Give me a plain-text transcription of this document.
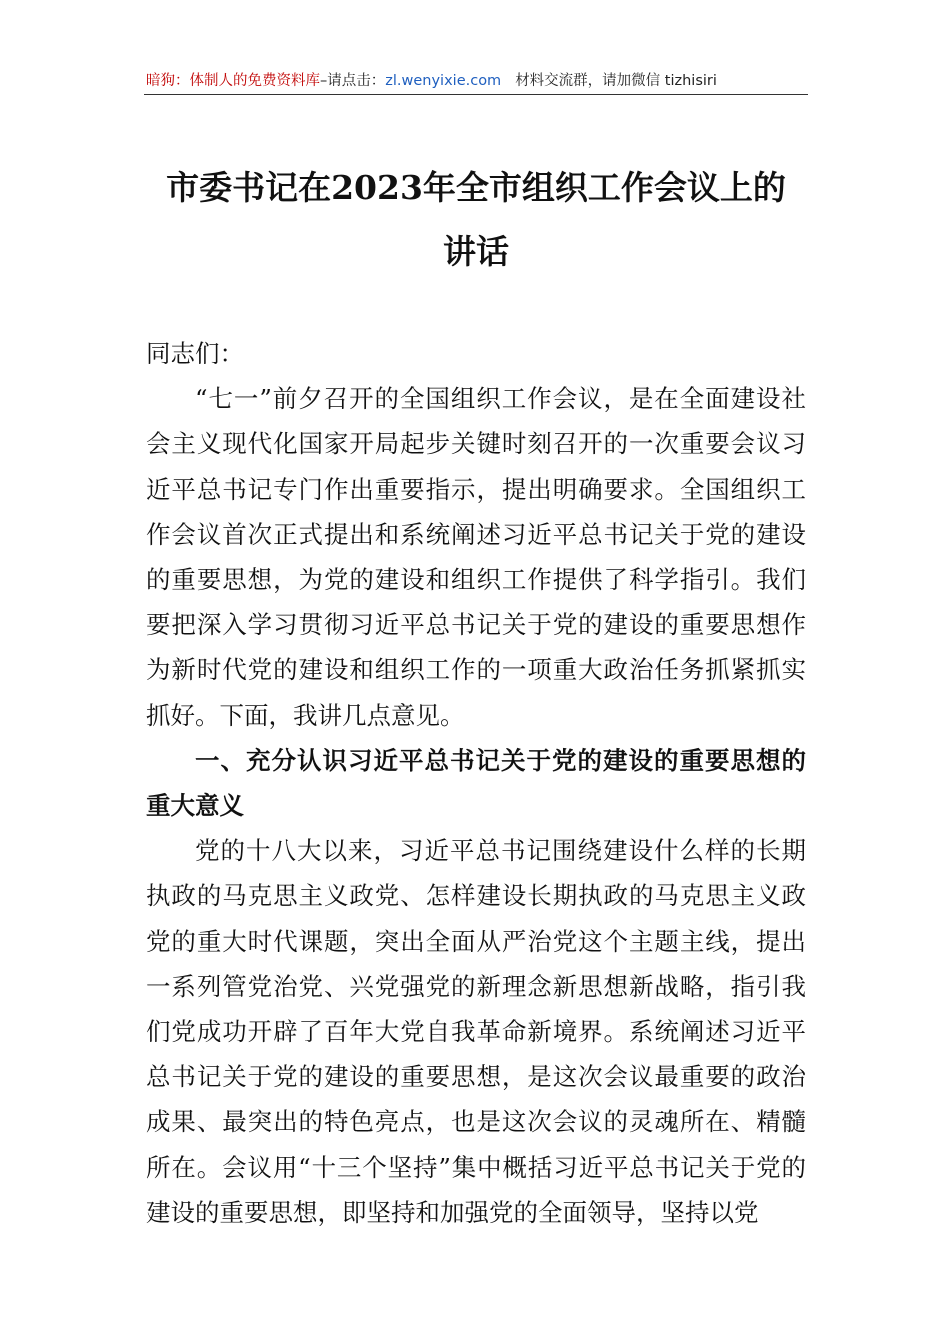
暗狗：体制人的免费资料库–请点击：zl.wenyixie.com 材料交流群，请加微信 tizhisiri
市委书记在2023年全市组织工作会议上的
讲话

同志们：

“七一”前夕召开的全国组织工作会议，是在全面建设社会主义现代化国家开局起步关键时刻召开的一次重要会议习近平总书记专门作出重要指示，提出明确要求。全国组织工作会议首次正式提出和系统阐述习近平总书记关于党的建设的重要思想，为党的建设和组织工作提供了科学指引。我们要把深入学习贯彻习近平总书记关于党的建设的重要思想作为新时代党的建设和组织工作的一项重大政治任务抓紧抓实抓好。下面，我讲几点意见。

一、充分认识习近平总书记关于党的建设的重要思想的重大意义

党的十八大以来，习近平总书记围绕建设什么样的长期执政的马克思主义政党、怎样建设长期执政的马克思主义政党的重大时代课题，突出全面从严治党这个主题主线，提出一系列管党治党、兴党强党的新理念新思想新战略，指引我们党成功开辟了百年大党自我革命新境界。系统阐述习近平总书记关于党的建设的重要思想，是这次会议最重要的政治成果、最突出的特色亮点，也是这次会议的灵魂所在、精髓所在。会议用“十三个坚持”集中概括习近平总书记关于党的建设的重要思想，即坚持和加强党的全面领导，坚持以党
